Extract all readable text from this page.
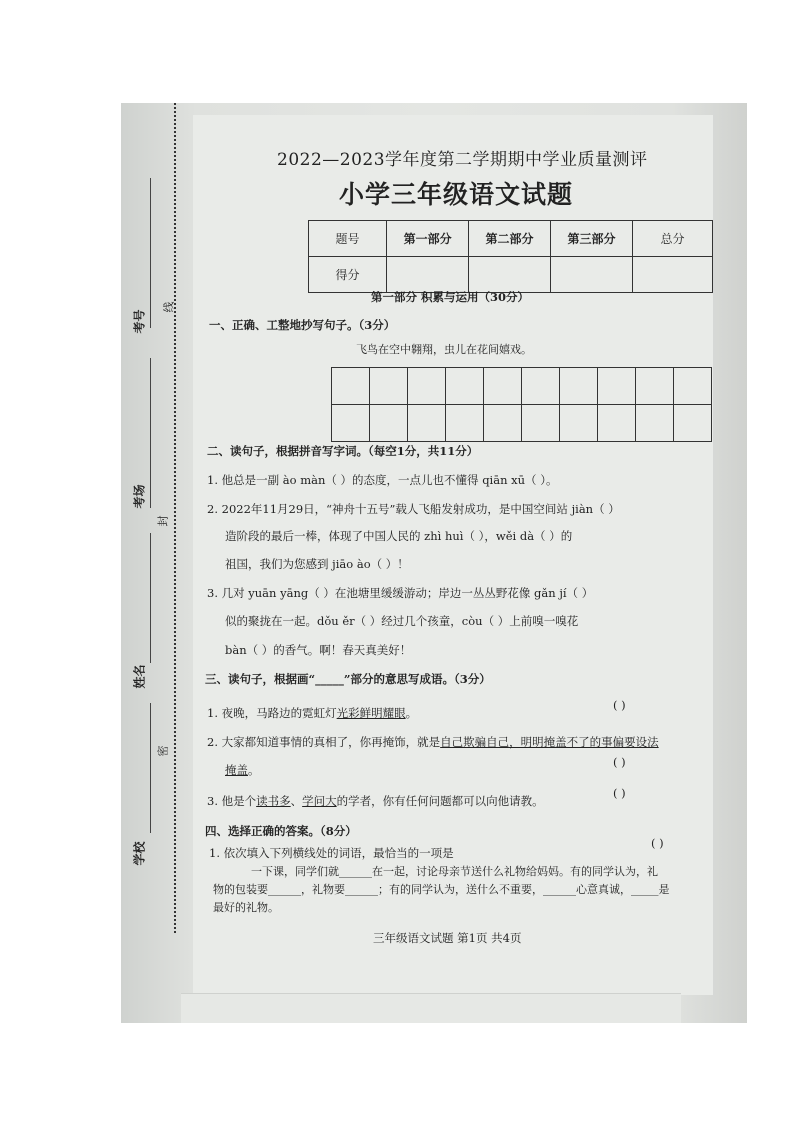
考号
线
考场
封
姓名
密
学校
2022—2023学年度第二学期期中学业质量测评
小学三年级语文试题
题号	第一部分	第二部分	第三部分	总分
得分				
第一部分 积累与运用（30分）
一、正确、工整地抄写句子。（3分）
飞鸟在空中翱翔，虫儿在花间嬉戏。

二、读句子，根据拼音写字词。（每空1分，共11分）
1. 他总是一副 ào màn（ ）的态度，一点儿也不懂得 qiān xū（ ）。
2. 2022年11月29日，“神舟十五号”载人飞船发射成功，是中国空间站 jiàn（ ）
造阶段的最后一棒，体现了中国人民的 zhì huì（ ），wěi dà（ ）的
祖国，我们为您感到 jiāo ào（ ）！
3. 几对 yuān yāng（ ）在池塘里缓缓游动；岸边一丛丛野花像 gǎn jí（ ）
似的聚拢在一起。dǒu ěr（ ）经过几个孩童，còu（ ）上前嗅一嗅花
bàn（ ）的香气。啊！春天真美好！
三、读句子，根据画“_____”部分的意思写成语。（3分）
1. 夜晚，马路边的霓虹灯光彩鲜明耀眼。
( )
2. 大家都知道事情的真相了，你再掩饰，就是自己欺骗自己，明明掩盖不了的事偏要设法
掩盖。
( )
3. 他是个读书多、学问大的学者，你有任何问题都可以向他请教。
( )
四、选择正确的答案。（8分）
( )
1. 依次填入下列横线处的词语，最恰当的一项是
一下课，同学们就______在一起，讨论母亲节送什么礼物给妈妈。有的同学认为，礼
物的包装要______，礼物要______；有的同学认为，送什么不重要，______心意真诚，_____是
最好的礼物。
三年级语文试题 第1页 共4页
